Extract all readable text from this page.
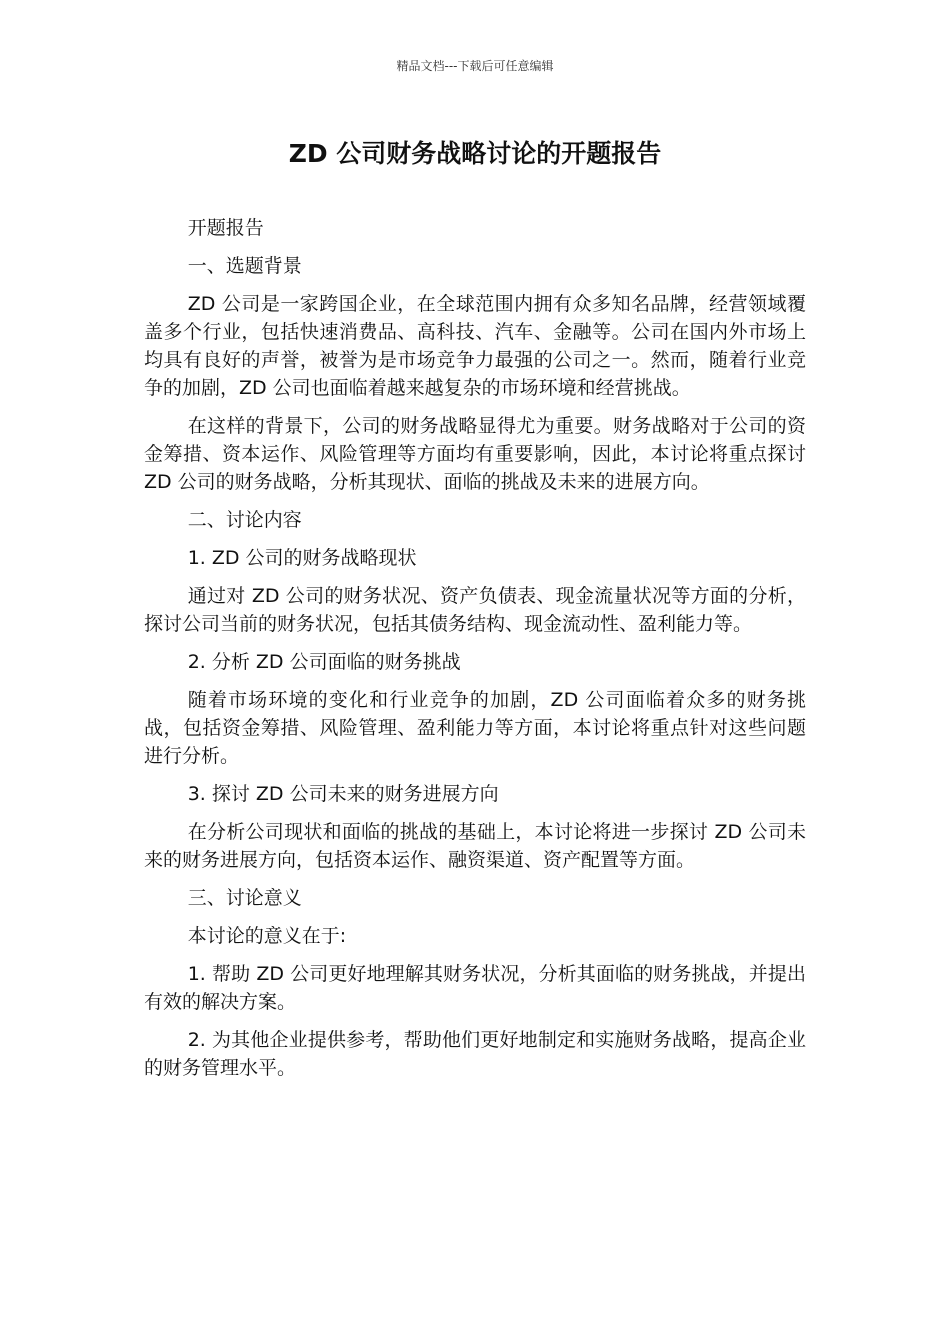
精品文档---下载后可任意编辑
ZD 公司财务战略讨论的开题报告

开题报告

一、选题背景

ZD 公司是一家跨国企业，在全球范围内拥有众多知名品牌，经营领域覆盖多个行业，包括快速消费品、高科技、汽车、金融等。公司在国内外市场上均具有良好的声誉，被誉为是市场竞争力最强的公司之一。然而，随着行业竞争的加剧，ZD 公司也面临着越来越复杂的市场环境和经营挑战。

在这样的背景下，公司的财务战略显得尤为重要。财务战略对于公司的资金筹措、资本运作、风险管理等方面均有重要影响，因此，本讨论将重点探讨 ZD 公司的财务战略，分析其现状、面临的挑战及未来的进展方向。

二、讨论内容

1. ZD 公司的财务战略现状

通过对 ZD 公司的财务状况、资产负债表、现金流量状况等方面的分析，探讨公司当前的财务状况，包括其债务结构、现金流动性、盈利能力等。

2. 分析 ZD 公司面临的财务挑战

随着市场环境的变化和行业竞争的加剧，ZD 公司面临着众多的财务挑战，包括资金筹措、风险管理、盈利能力等方面，本讨论将重点针对这些问题进行分析。

3. 探讨 ZD 公司未来的财务进展方向

在分析公司现状和面临的挑战的基础上，本讨论将进一步探讨 ZD 公司未来的财务进展方向，包括资本运作、融资渠道、资产配置等方面。

三、讨论意义

本讨论的意义在于:

1. 帮助 ZD 公司更好地理解其财务状况，分析其面临的财务挑战，并提出有效的解决方案。

2. 为其他企业提供参考，帮助他们更好地制定和实施财务战略，提高企业的财务管理水平。
